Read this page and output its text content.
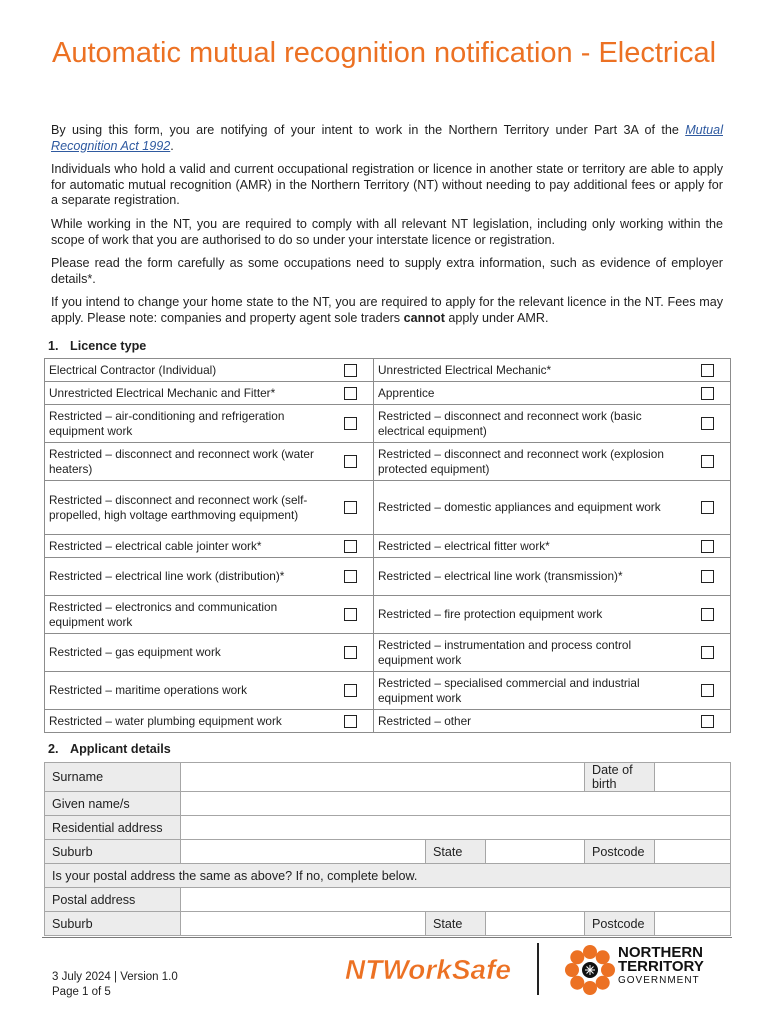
Automatic mutual recognition notification - Electrical

By using this form, you are notifying of your intent to work in the Northern Territory under Part 3A of the Mutual Recognition Act 1992.

Individuals who hold a valid and current occupational registration or licence in another state or territory are able to apply for automatic mutual recognition (AMR) in the Northern Territory (NT) without needing to pay additional fees or apply for a separate registration.

While working in the NT, you are required to comply with all relevant NT legislation, including only working within the scope of work that you are authorised to do so under your interstate licence or registration.

Please read the form carefully as some occupations need to supply extra information, such as evidence of employer details*.

If you intend to change your home state to the NT, you are required to apply for the relevant licence in the NT. Fees may apply. Please note: companies and property agent sole traders cannot apply under AMR.

1. Licence type
Electrical Contractor (Individual)		Unrestricted Electrical Mechanic*	
Unrestricted Electrical Mechanic and Fitter*		Apprentice	
Restricted – air-conditioning and refrigeration equipment work		Restricted – disconnect and reconnect work (basic electrical equipment)	
Restricted – disconnect and reconnect work (water heaters)		Restricted – disconnect and reconnect work (explosion protected equipment)	
Restricted – disconnect and reconnect work (self-propelled, high voltage earthmoving equipment)		Restricted – domestic appliances and equipment work	
Restricted – electrical cable jointer work*		Restricted – electrical fitter work*	
Restricted – electrical line work (distribution)*		Restricted – electrical line work (transmission)*	
Restricted – electronics and communication equipment work		Restricted – fire protection equipment work	
Restricted – gas equipment work		Restricted – instrumentation and process control equipment work	
Restricted – maritime operations work		Restricted – specialised commercial and industrial equipment work	
Restricted – water plumbing equipment work		Restricted – other	
2. Applicant details
Surname				Date of birth	
Given name/s					
Residential address					
Suburb		State		Postcode	
Is your postal address the same as above? If no, complete below.					
Postal address					
Suburb		State		Postcode	
3 July 2024 | Version 1.0
Page 1 of 5
NTWorkSafe
NORTHERN
TERRITORY
GOVERNMENT
